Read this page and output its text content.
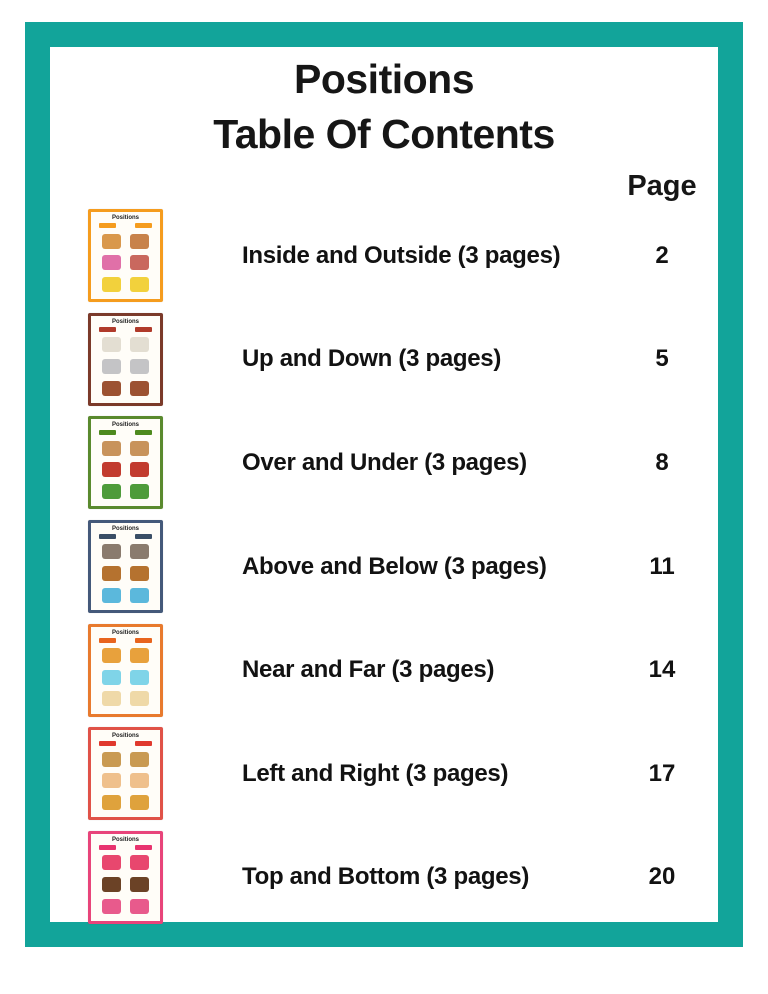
Positions
Table Of Contents
Page
Positions
Inside and Outside (3 pages)	2
Positions
Up and Down (3 pages)	5
Positions
Over and Under (3 pages)	8
Positions
Above and Below (3 pages)	11
Positions
Near and Far (3 pages)	14
Positions
Left and Right (3 pages)	17
Positions
Top and Bottom (3 pages)	20
